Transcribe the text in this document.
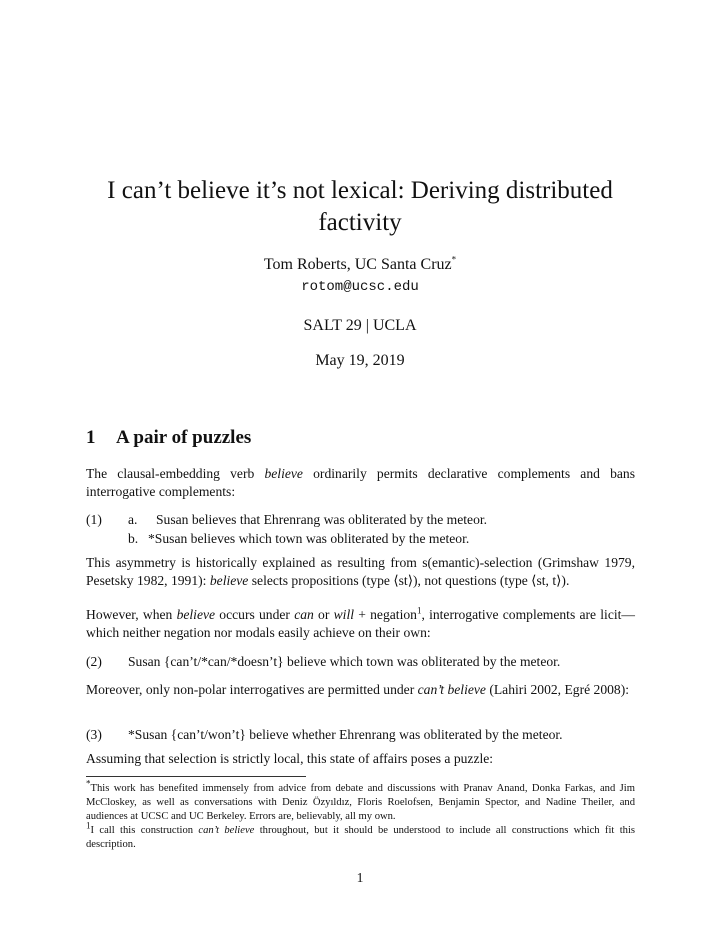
I can’t believe it’s not lexical: Deriving distributed factivity
Tom Roberts, UC Santa Cruz*
rotom@ucsc.edu
SALT 29 | UCLA
May 19, 2019
1 A pair of puzzles

The clausal-embedding verb believe ordinarily permits declarative complements and bans interrogative complements:

(1) a. Susan believes that Ehrenrang was obliterated by the meteor.
b. *Susan believes which town was obliterated by the meteor.

This asymmetry is historically explained as resulting from s(emantic)-selection (Grimshaw 1979, Pesetsky 1982, 1991): believe selects propositions (type ⟨st⟩), not questions (type ⟨st, t⟩).

However, when believe occurs under can or will + negation$^1$, interrogative complements are licit—which neither negation nor modals easily achieve on their own:

(2) Susan {can’t/*can/*doesn’t} believe which town was obliterated by the meteor.

Moreover, only non-polar interrogatives are permitted under can’t believe (Lahiri 2002, Egré 2008):

(3) *Susan {can’t/won’t} believe whether Ehrenrang was obliterated by the meteor.

Assuming that selection is strictly local, this state of affairs poses a puzzle:

*This work has benefited immensely from advice from debate and discussions with Pranav Anand, Donka Farkas, and Jim McCloskey, as well as conversations with Deniz Özyıldız, Floris Roelofsen, Benjamin Spector, and Nadine Theiler, and audiences at UCSC and UC Berkeley. Errors are, believably, all my own.

$^1$I call this construction can’t believe throughout, but it should be understood to include all constructions which fit this description.

1
